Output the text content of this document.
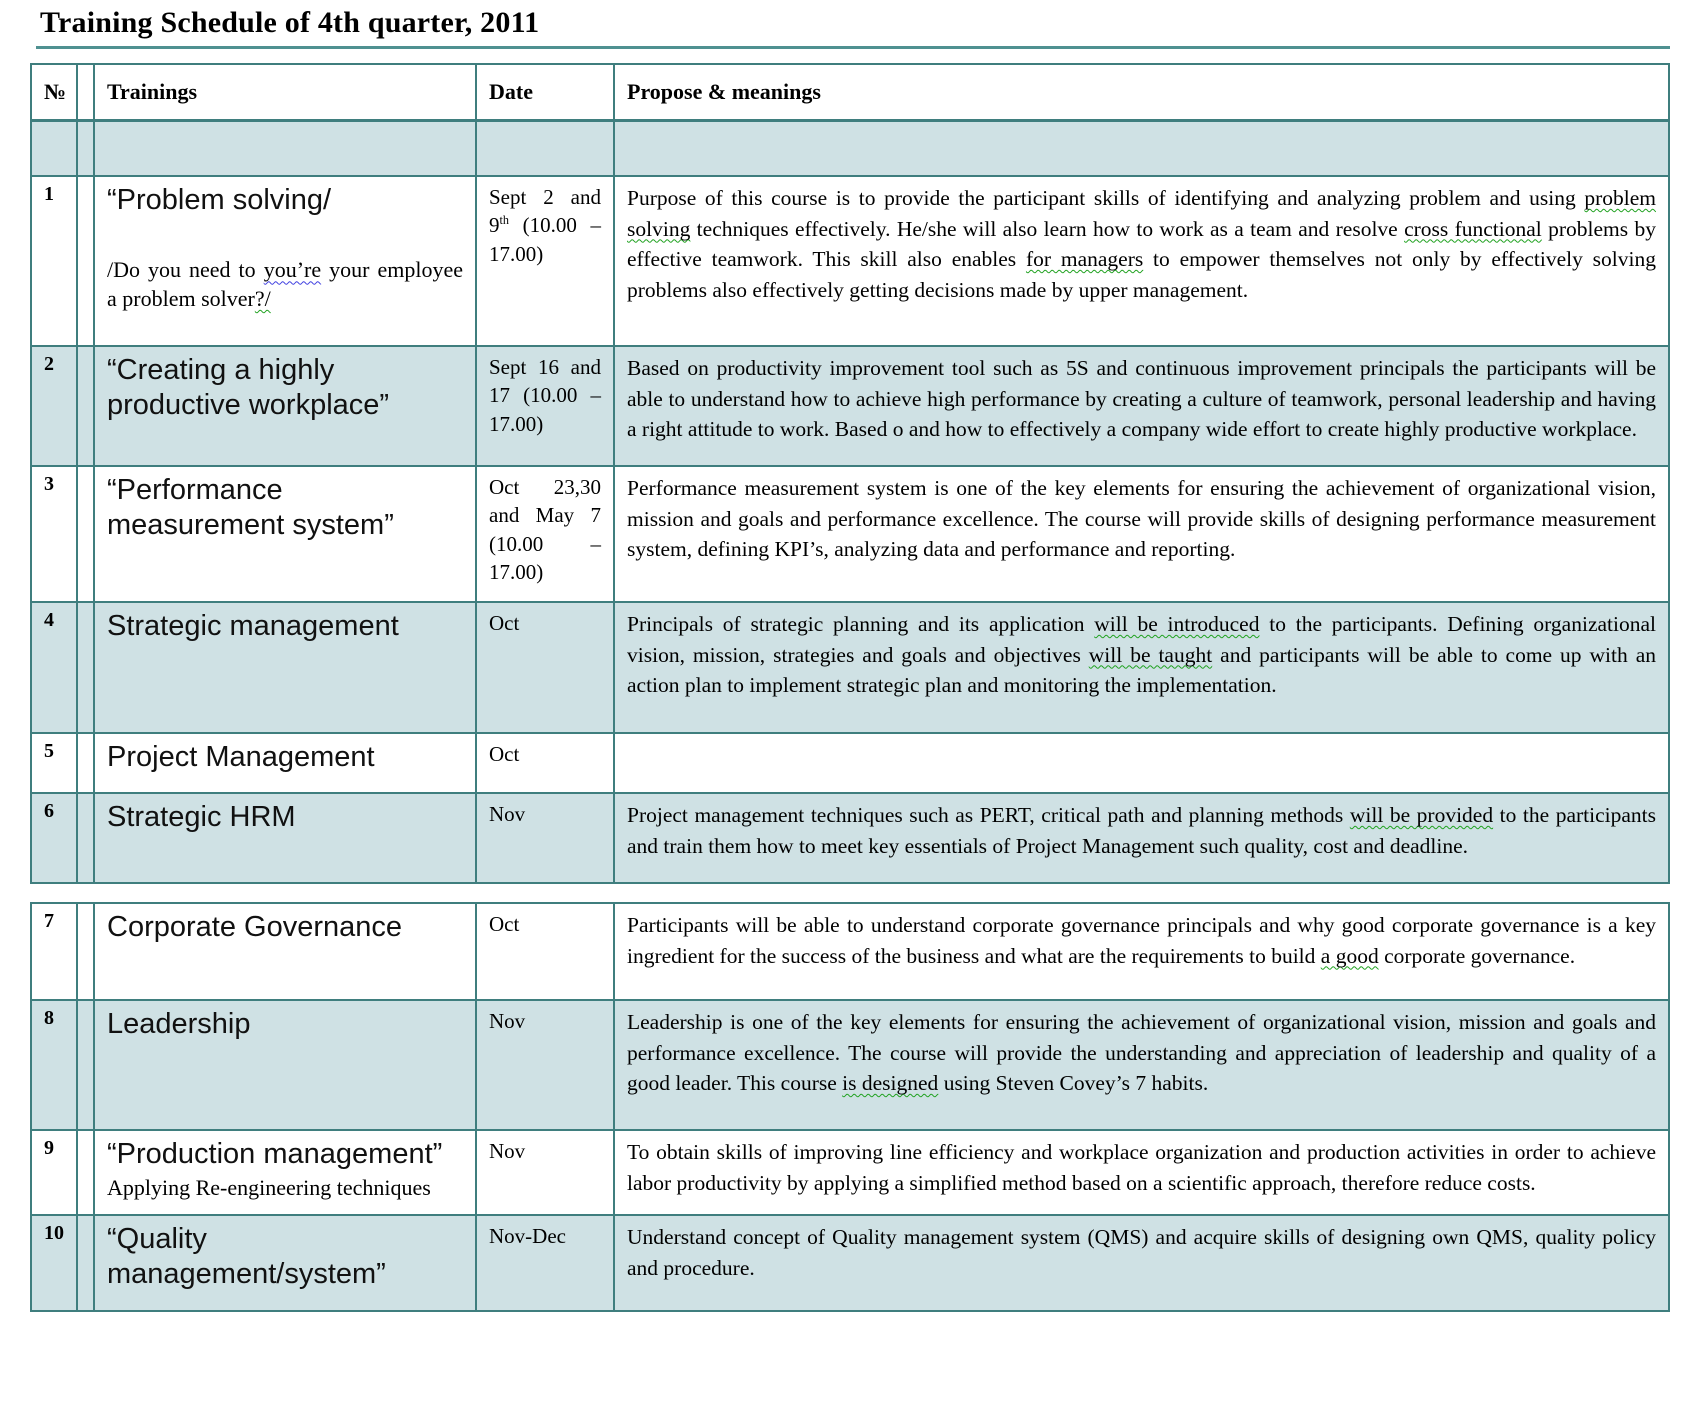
Training Schedule of 4th quarter, 2011
№		Trainings	Date	Propose & meanings

1		“Problem solving/
/Do you need to you’re your employee a problem solver?/	Sept 2 and 9th (10.00 – 17.00)	Purpose of this course is to provide the participant skills of identifying and analyzing problem and using problem solving techniques effectively. He/she will also learn how to work as a team and resolve cross functional problems by effective teamwork. This skill also enables for managers to empower themselves not only by effectively solving problems also effectively getting decisions made by upper management.
2		“Creating a highly productive workplace”	Sept 16 and 17 (10.00 – 17.00)	Based on productivity improvement tool such as 5S and continuous improvement principals the participants will be able to understand how to achieve high performance by creating a culture of teamwork, personal leadership and having a right attitude to work. Based o and how to effectively a company wide effort to create highly productive workplace.
3		“Performance measurement system”	Oct 23,30 and May 7 (10.00 – 17.00)	Performance measurement system is one of the key elements for ensuring the achievement of organizational vision, mission and goals and performance excellence. The course will provide skills of designing performance measurement system, defining KPI’s, analyzing data and performance and reporting.
4		Strategic management	Oct	Principals of strategic planning and its application will be introduced to the participants. Defining organizational vision, mission, strategies and goals and objectives will be taught and participants will be able to come up with an action plan to implement strategic plan and monitoring the implementation.
5		Project Management	Oct	
6		Strategic HRM	Nov	Project management techniques such as PERT, critical path and planning methods will be provided to the participants and train them how to meet key essentials of Project Management such quality, cost and deadline.
7		Corporate Governance	Oct	Participants will be able to understand corporate governance principals and why good corporate governance is a key ingredient for the success of the business and what are the requirements to build a good corporate governance.
8		Leadership	Nov	Leadership is one of the key elements for ensuring the achievement of organizational vision, mission and goals and performance excellence. The course will provide the understanding and appreciation of leadership and quality of a good leader. This course is designed using Steven Covey’s 7 habits.
9		“Production management”
Applying Re-engineering techniques	Nov	To obtain skills of improving line efficiency and workplace organization and production activities in order to achieve labor productivity by applying a simplified method based on a scientific approach, therefore reduce costs.
10		“Quality management/system”	Nov-Dec	Understand concept of Quality management system (QMS) and acquire skills of designing own QMS, quality policy and procedure.
